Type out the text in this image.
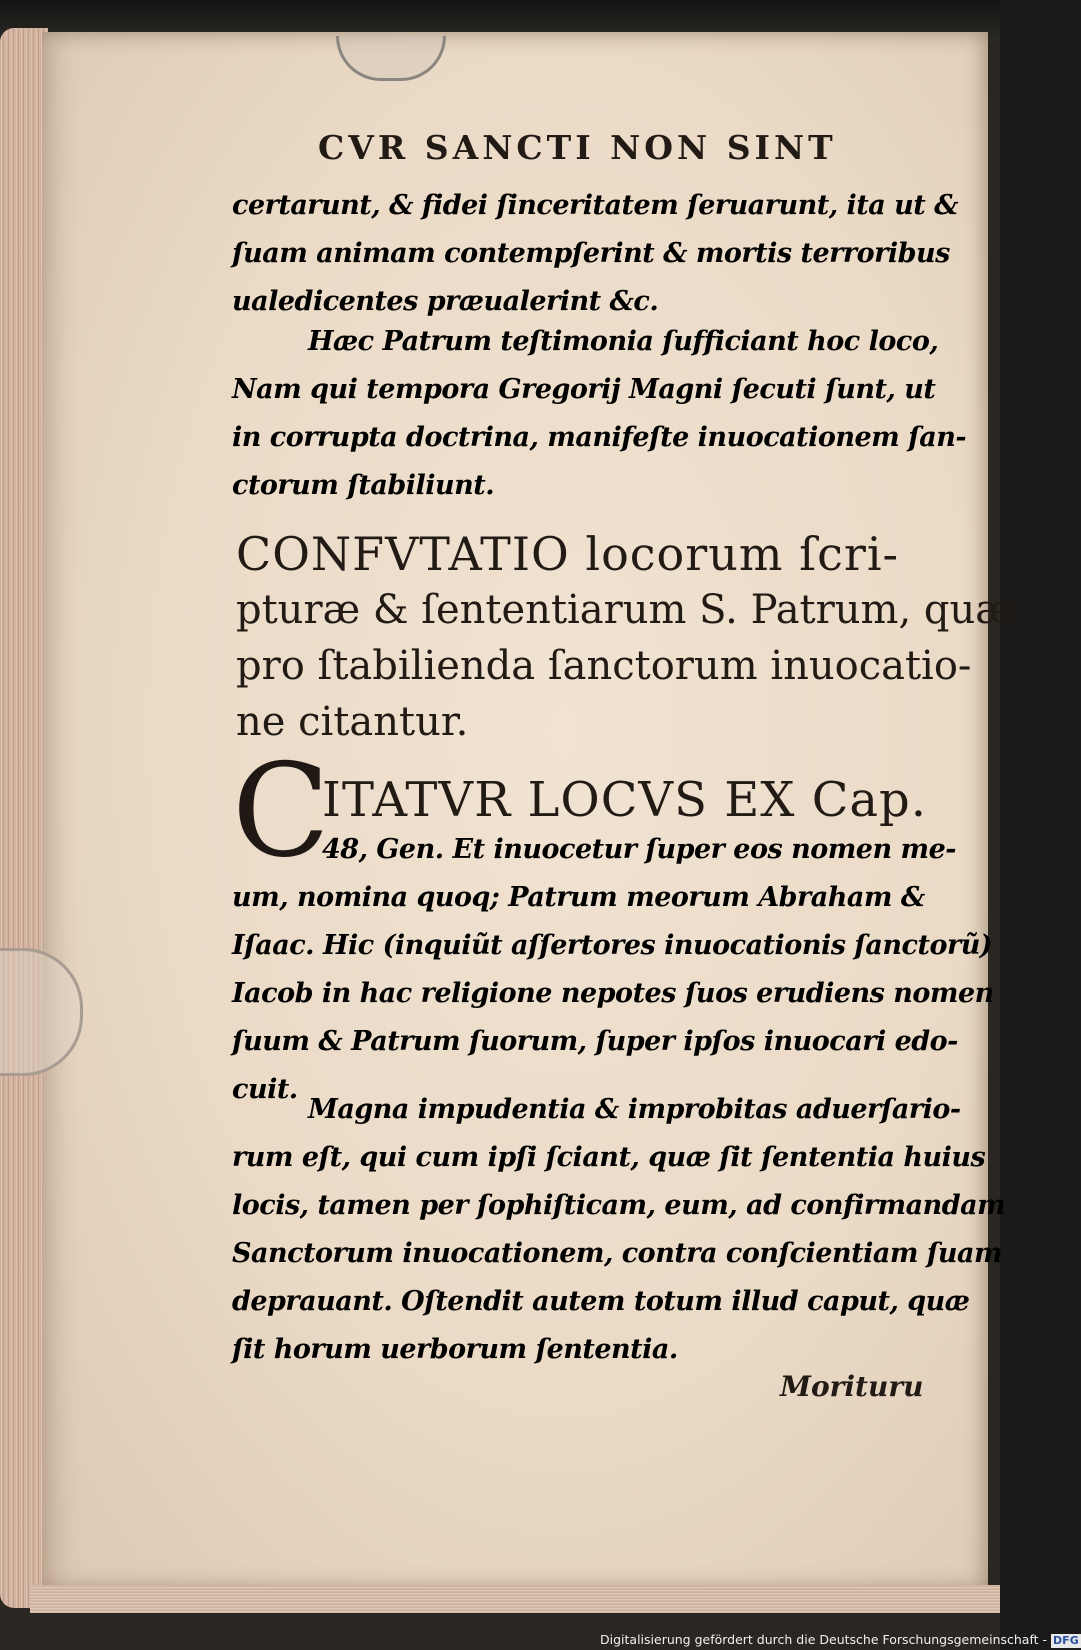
CVR SANCTI NON SINT
certarunt, & fidei ſinceritatem ſeruarunt, ita ut &
ſuam animam contempſerint & mortis terroribus
ualedicentes præualerint &c.
Hæc Patrum teſtimonia ſufficiant hoc loco,
Nam qui tempora Gregorij Magni ſecuti ſunt, ut
in corrupta doctrina, manifeſte inuocationem ſan-
ctorum ſtabiliunt.
CONFVTATIO locorum ſcri-
pturæ & ſententiarum S. Patrum, quæ
pro ſtabilienda ſanctorum inuocatio-
ne citantur.
C
ITATVR LOCVS EX Cap.
48, Gen. Et inuocetur ſuper eos nomen me-
um, nomina quoq; Patrum meorum Abraham &
Iſaac. Hic (inquiũt aſſertores inuocationis ſanctorũ)
Iacob in hac religione nepotes ſuos erudiens nomen
ſuum & Patrum ſuorum, ſuper ipſos inuocari edo-
cuit.
Magna impudentia & improbitas aduerſario-
rum eſt, qui cum ipſi ſciant, quæ ſit ſententia huius
locis, tamen per ſophiſticam, eum, ad confirmandam
Sanctorum inuocationem, contra conſcientiam ſuam
deprauant. Oſtendit autem totum illud caput, quæ
ſit horum uerborum ſententia.
Morituru
Digitalisierung gefördert durch die Deutsche Forschungsgemeinschaft - DFG
